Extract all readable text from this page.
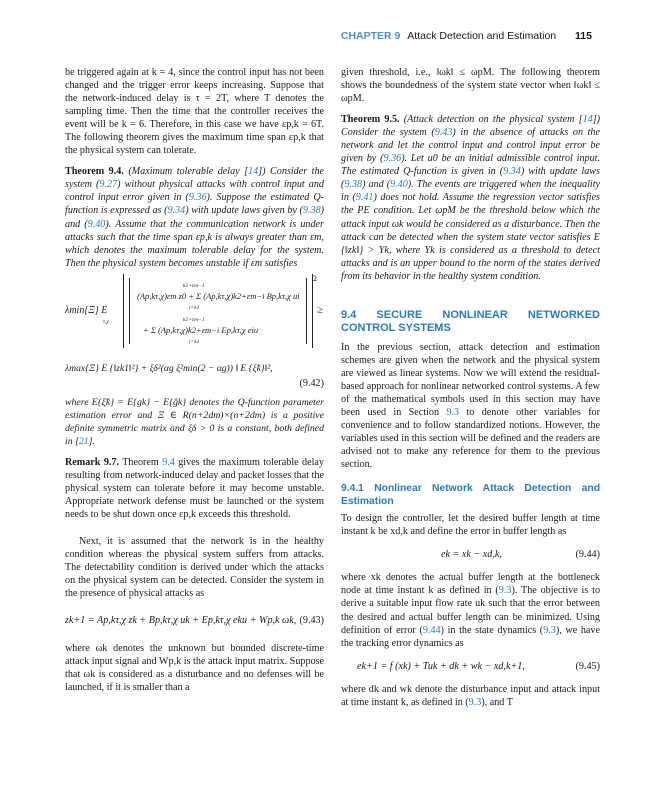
CHAPTER 9 Attack Detection and Estimation 115

be triggered again at k = 4, since the control input has not been changed and the trigger error keeps increasing. Suppose that the network-induced delay is τ = 2T, where T denotes the sampling time. Then the time that the controller receives the event will be k = 6. Therefore, in this case we have εp,k = 6T. The following theorem gives the maximum time span εp,k that the physical system can tolerate.

Theorem 9.4. (Maximum tolerable delay [14]) Consider the system (9.27) without physical attacks with control input and control input error given in (9.36). Suppose the estimated Q-function is expressed as (9.34) with update laws given by (9.38) and (9.40). Assume that the communication network is under attacks such that the time span εp,k is always greater than εm, which denotes the maximum tolerable delay for the system. Then the physical system becomes unstable if εm satisfies

λmin{Ξ} E
τ,χ
k2+εm−1
i=k1
(Ap,kτ,χ)εm z0 + Σ (Ap,kτ,χ)k2+εm−i Bp,kτ,χ ui
k2+εm−1
i=k1
+ Σ (Ap,kτ,χ)k2+εm−i Ep,kτ,χ eiu
2
≥
λmax{Ξ} E {‖zk1‖²} + ξδ²(αg ξ²min(2 − αg)) ‖ E {ξ̃k}‖²,
(9.42)

where E{ξ̃k} = E{gk} − E{ĝk} denotes the Q-function parameter estimation error and Ξ ∈ R(n+2dm)×(n+2dm) is a positive definite symmetric matrix and ξδ > 0 is a constant, both defined in [21].

Remark 9.7. Theorem 9.4 gives the maximum tolerable delay resulting from network-induced delay and packet losses that the physical system can tolerate before it may become unstable. Appropriate network defense must be launched or the system needs to be shut down once εp,k exceeds this threshold.

Next, it is assumed that the network is in the healthy condition whereas the physical system suffers from attacks. The detectability condition is derived under which the attacks on the physical system can be detected. Consider the system in the presence of physical attacks as

zk+1 = Ap,kτ,χ zk + Bp,kτ,χ uk + Ep,kτ,χ eku + Wp,k ωk, (9.43)

where ωk denotes the unknown but bounded discrete-time attack input signal and Wp,k is the attack input matrix. Suppose that ωk is considered as a disturbance and no defenses will be launched, if it is smaller than a

given threshold, i.e., ‖ωk‖ ≤ ωpM. The following theorem shows the boundedness of the system state vector when ‖ωk‖ ≤ ωpM.

Theorem 9.5. (Attack detection on the physical system [14]) Consider the system (9.43) in the absence of attacks on the network and let the control input and control input error be given by (9.36). Let u0 be an initial admissible control input. The estimated Q-function is given in (9.34) with update laws (9.38) and (9.40). The events are triggered when the inequality in (9.41) does not hold. Assume the regression vector satisfies the PE condition. Let ωpM be the threshold below which the attack input ωk would be considered as a disturbance. Then the attack can be detected when the system state vector satisfies E {‖zk‖} > Υk, where Υk is considered as a threshold to detect attacks and is an upper bound to the norm of the states derived from its behavior in the healthy system condition.

9.4 SECURE NONLINEAR NETWORKED CONTROL SYSTEMS

In the previous section, attack detection and estimation schemes are given when the network and the physical system are viewed as linear systems. Now we will extend the residual-based approach for nonlinear networked control systems. A few of the mathematical symbols used in this section may have been used in Section 9.3 to denote other variables for convenience and to follow standardized notions. However, the variables used in this section will be defined and the readers are advised not to make any reference for them to the previous section.

9.4.1 Nonlinear Network Attack Detection and Estimation

To design the controller, let the desired buffer length at time instant k be xd,k and define the error in buffer length as

ek = xk − xd,k,	(9.44)

where xk denotes the actual buffer length at the bottleneck node at time instant k as defined in (9.3). The objective is to derive a suitable input flow rate uk such that the error between the desired and actual buffer length can be minimized. Using definition of error (9.44) in the state dynamics (9.3), we have the tracking error dynamics as

ek+1 = f (xk) + Tuk + dk + wk − xd,k+1,	(9.45)

where dk and wk denote the disturbance input and attack input at time instant k, as defined in (9.3), and T
